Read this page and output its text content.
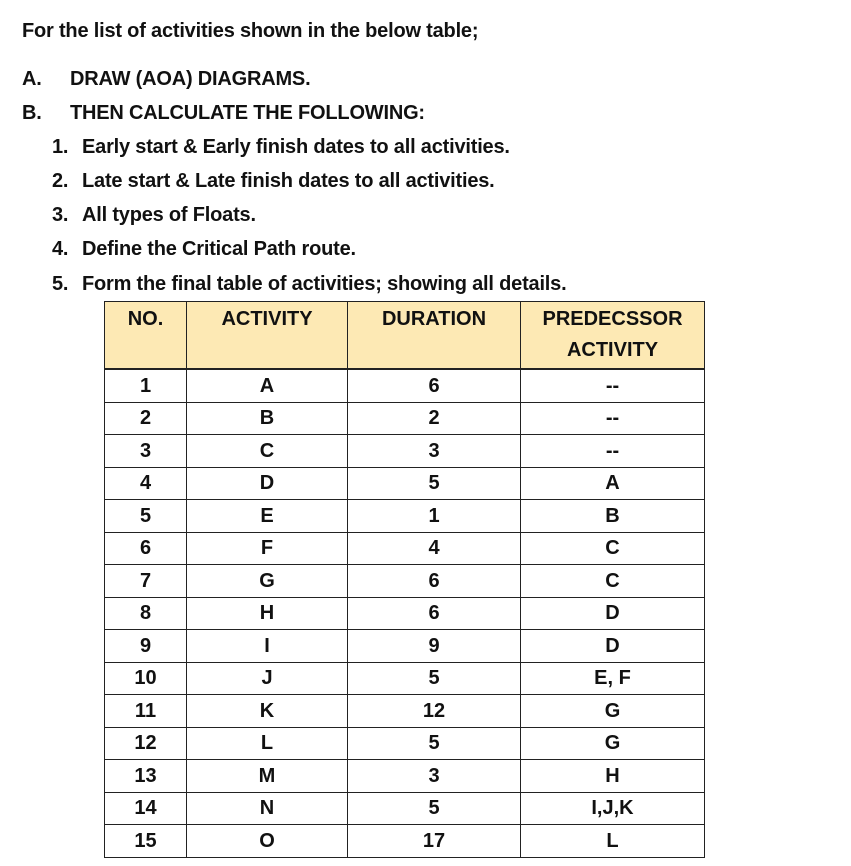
For the list of activities shown in the below table;
A. DRAW (AOA) DIAGRAMS.
B. THEN CALCULATE THE FOLLOWING:
1. Early start & Early finish dates to all activities.
2. Late start & Late finish dates to all activities.
3. All types of Floats.
4. Define the Critical Path route.
5. Form the final table of activities; showing all details.
NO.	ACTIVITY	DURATION	PREDECSSOR
ACTIVITY
1	A	6	--
2	B	2	--
3	C	3	--
4	D	5	A
5	E	1	B
6	F	4	C
7	G	6	C
8	H	6	D
9	I	9	D
10	J	5	E, F
11	K	12	G
12	L	5	G
13	M	3	H
14	N	5	I,J,K
15	O	17	L
